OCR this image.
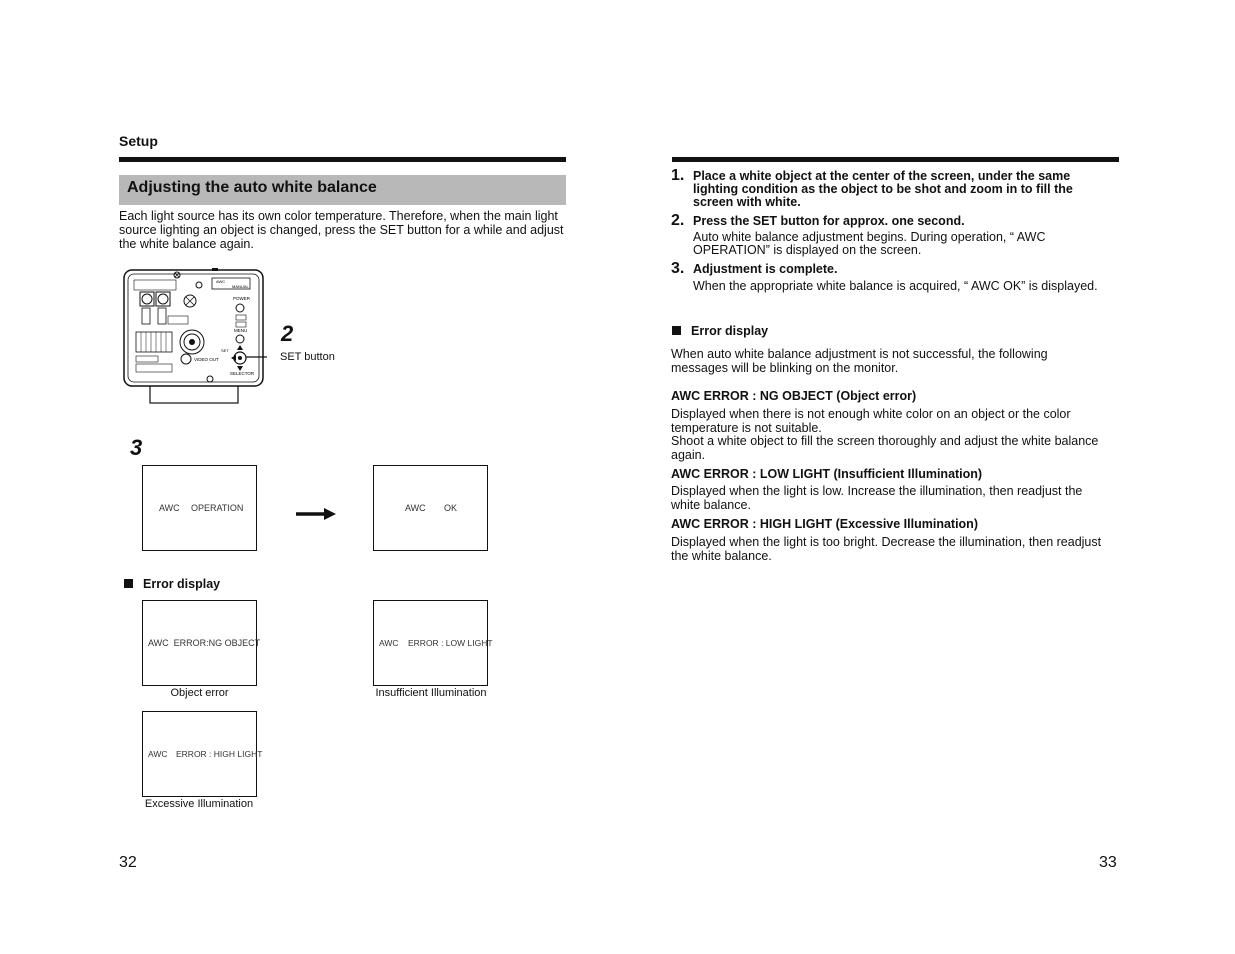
Setup
Adjusting the auto white balance
Each light source has its own color temperature. Therefore, when the main light source lighting an object is changed, press the SET button for a while and adjust the white balance again.
AWC
MANUAL
POWER
MENU
VIDEO OUT
SET
SELECTOR
2
SET button
3
AWC OPERATION	AWC OK
Error display
AWC  ERROR:NG OBJECT
Object error
AWC ERROR : LOW LIGHT
Insufficient Illumination
AWC ERROR : HIGH LIGHT
Excessive Illumination
32
1. Place a white object at the center of the screen, under the same lighting condition as the object to be shot and zoom in to fill the screen with white.
2. Press the SET button for approx. one second.
Auto white balance adjustment begins. During operation, “ AWC OPERATION” is displayed on the screen.
3. Adjustment is complete.
When the appropriate white balance is acquired, “ AWC OK” is displayed.
Error display
When auto white balance adjustment is not successful, the following messages will be blinking on the monitor.
AWC ERROR : NG OBJECT (Object error)
Displayed when there is not enough white color on an object or the color temperature is not suitable.
Shoot a white object to fill the screen thoroughly and adjust the white balance again.
AWC ERROR : LOW LIGHT (Insufficient Illumination)
Displayed when the light is low. Increase the illumination, then readjust the white balance.
AWC ERROR : HIGH LIGHT (Excessive Illumination)
Displayed when the light is too bright. Decrease the illumination, then readjust the white balance.
33
